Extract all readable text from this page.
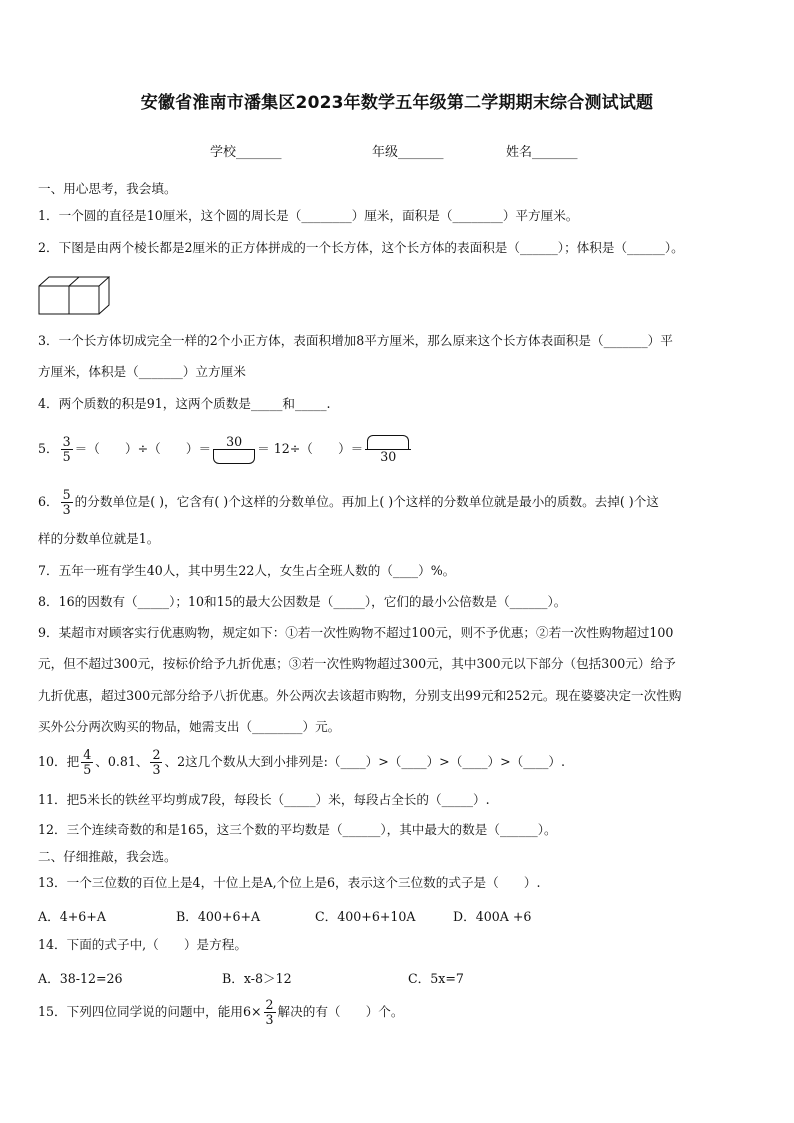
安徽省淮南市潘集区2023年数学五年级第二学期期末综合测试试题
学校_______	年级_______	姓名_______
一、用心思考，我会填。
1．一个圆的直径是10厘米，这个圆的周长是（________）厘米，面积是（________）平方厘米。
2．下图是由两个棱长都是2厘米的正方体拼成的一个长方体，这个长方体的表面积是（______）；体积是（______）。
3．一个长方体切成完全一样的2个小正方体，表面积增加8平方厘米，那么原来这个长方体表面积是（_______）平
方厘米，体积是（_______）立方厘米
4．两个质数的积是91，这两个质数是_____和_____.
5． $\frac{3}{5}$ ＝（　　）÷（　　）＝	30	＝ 12÷（　　）＝
30
6． $\frac{5}{3}$ 的分数单位是( )，它含有( )个这样的分数单位。再加上( )个这样的分数单位就是最小的质数。去掉( )个这
样的分数单位就是1。
7．五年一班有学生40人，其中男生22人，女生占全班人数的（____）%。
8．16的因数有（_____）；10和15的最大公因数是（_____），它们的最小公倍数是（______）。
9．某超市对顾客实行优惠购物，规定如下：①若一次性购物不超过100元，则不予优惠；②若一次性购物超过100
元，但不超过300元，按标价给予九折优惠；③若一次性购物超过300元，其中300元以下部分（包括300元）给予
九折优惠，超过300元部分给予八折优惠。外公两次去该超市购物，分别支出99元和252元。现在婆婆决定一次性购
买外公分两次购买的物品，她需支出（________）元。
10．把 $\frac{4}{5}$ 、0.81、 $\frac{2}{3}$ 、2这几个数从大到小排列是:（____）>（____）>（____）>（____）.
11．把5米长的铁丝平均剪成7段，每段长（_____）米，每段占全长的（_____）.
12．三个连续奇数的和是165，这三个数的平均数是（______），其中最大的数是（______）。
二、仔细推敲，我会选。
13．一个三位数的百位上是4，十位上是A,个位上是6，表示这个三位数的式子是（　　）.
A．4+6+A	B．400+6+A	C．400+6+10A	D．400A +6
14．下面的式子中,（　　）是方程。
A．38-12=26	B．x-8＞12	C．5x=7
15．下列四位同学说的问题中，能用$6\times \frac{2}{3}$ 解决的有（　　）个。
